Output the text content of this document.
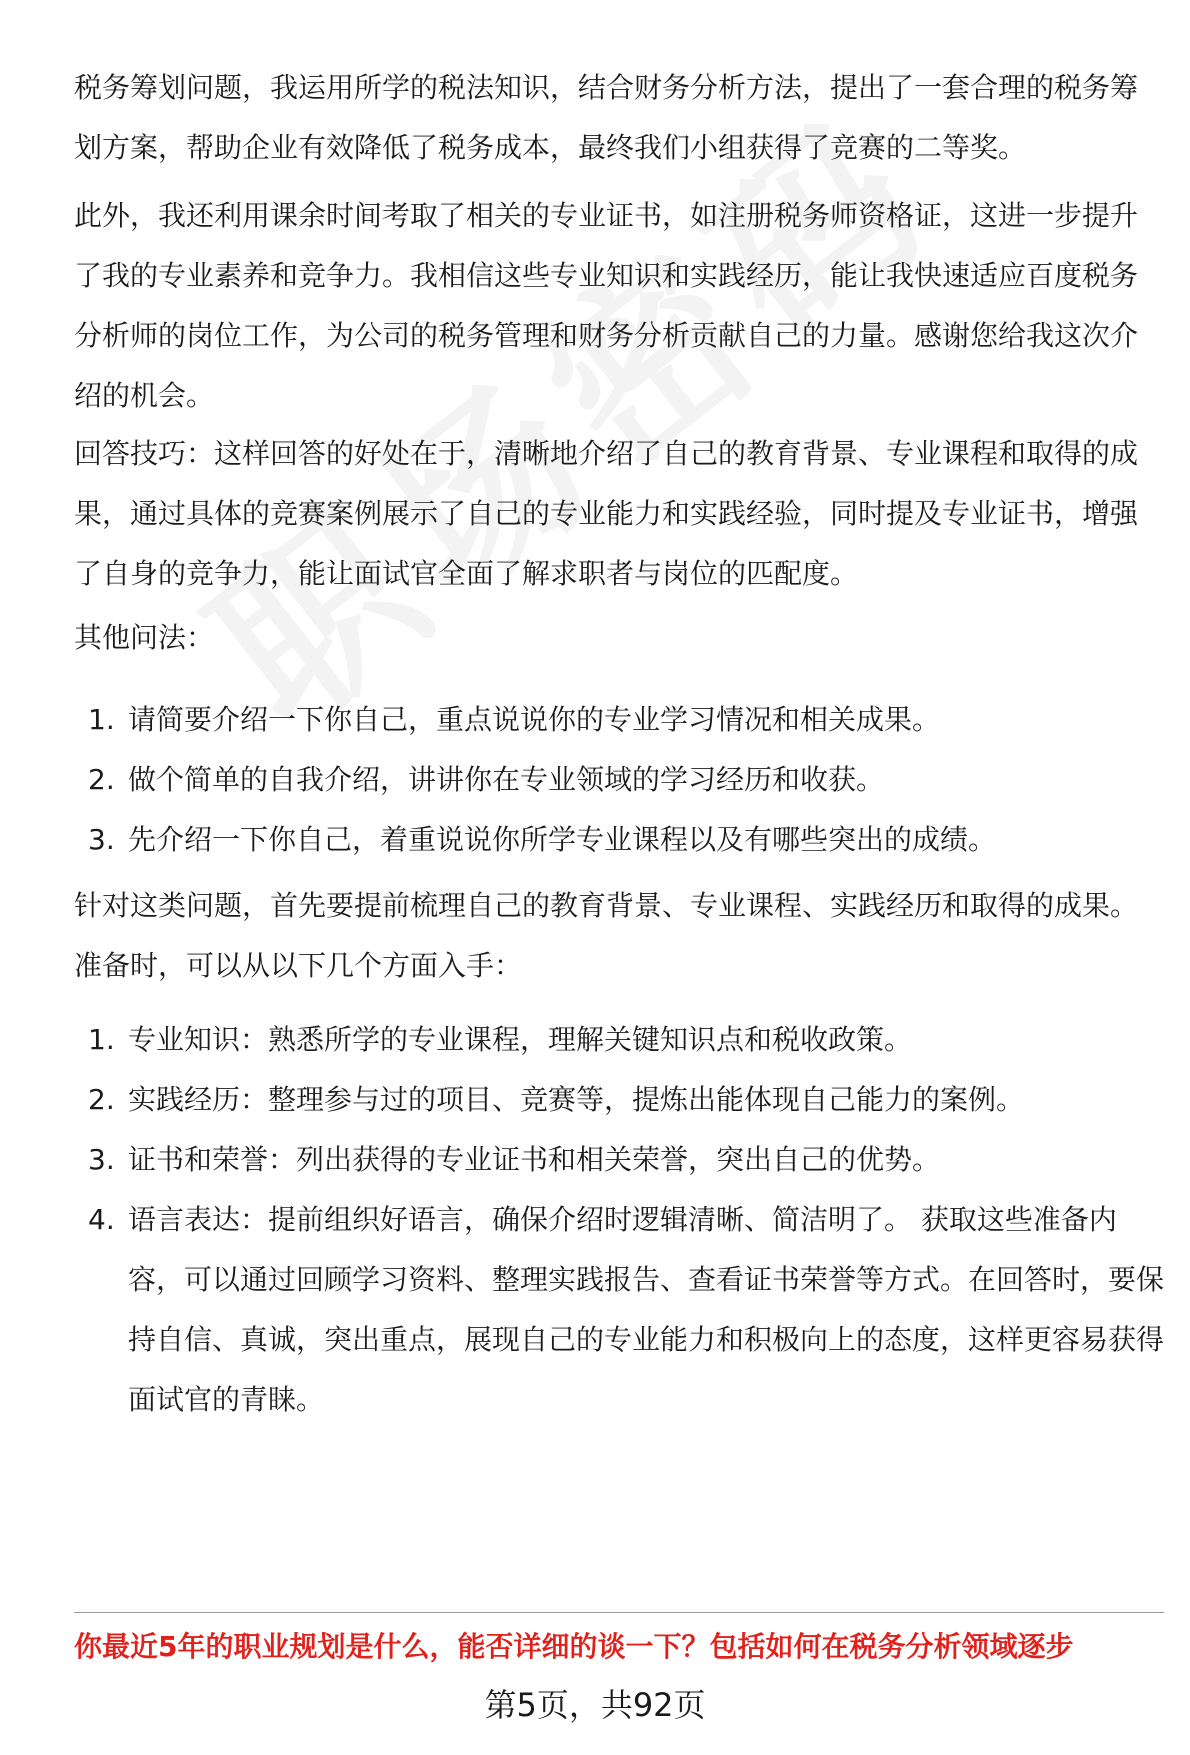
税务筹划问题，我运用所学的税法知识，结合财务分析方法，提出了一套合理的税务筹划方案，帮助企业有效降低了税务成本，最终我们小组获得了竞赛的二等奖。

此外，我还利用课余时间考取了相关的专业证书，如注册税务师资格证，这进一步提升了我的专业素养和竞争力。我相信这些专业知识和实践经历，能让我快速适应百度税务分析师的岗位工作，为公司的税务管理和财务分析贡献自己的力量。感谢您给我这次介绍的机会。

回答技巧：这样回答的好处在于，清晰地介绍了自己的教育背景、专业课程和取得的成果，通过具体的竞赛案例展示了自己的专业能力和实践经验，同时提及专业证书，增强了自身的竞争力，能让面试官全面了解求职者与岗位的匹配度。

其他问法：

1. 请简要介绍一下你自己，重点说说你的专业学习情况和相关成果。
2. 做个简单的自我介绍，讲讲你在专业领域的学习经历和收获。
3. 先介绍一下你自己，着重说说你所学专业课程以及有哪些突出的成绩。

针对这类问题，首先要提前梳理自己的教育背景、专业课程、实践经历和取得的成果。准备时，可以从以下几个方面入手：

1. 专业知识：熟悉所学的专业课程，理解关键知识点和税收政策。
2. 实践经历：整理参与过的项目、竞赛等，提炼出能体现自己能力的案例。
3. 证书和荣誉：列出获得的专业证书和相关荣誉，突出自己的优势。
4. 语言表达：提前组织好语言，确保介绍时逻辑清晰、简洁明了。 获取这些准备内容，可以通过回顾学习资料、整理实践报告、查看证书荣誉等方式。在回答时，要保持自信、真诚，突出重点，展现自己的专业能力和积极向上的态度，这样更容易获得面试官的青睐。
你最近5年的职业规划是什么，能否详细的谈一下？包括如何在税务分析领域逐步
第5页，共92页
